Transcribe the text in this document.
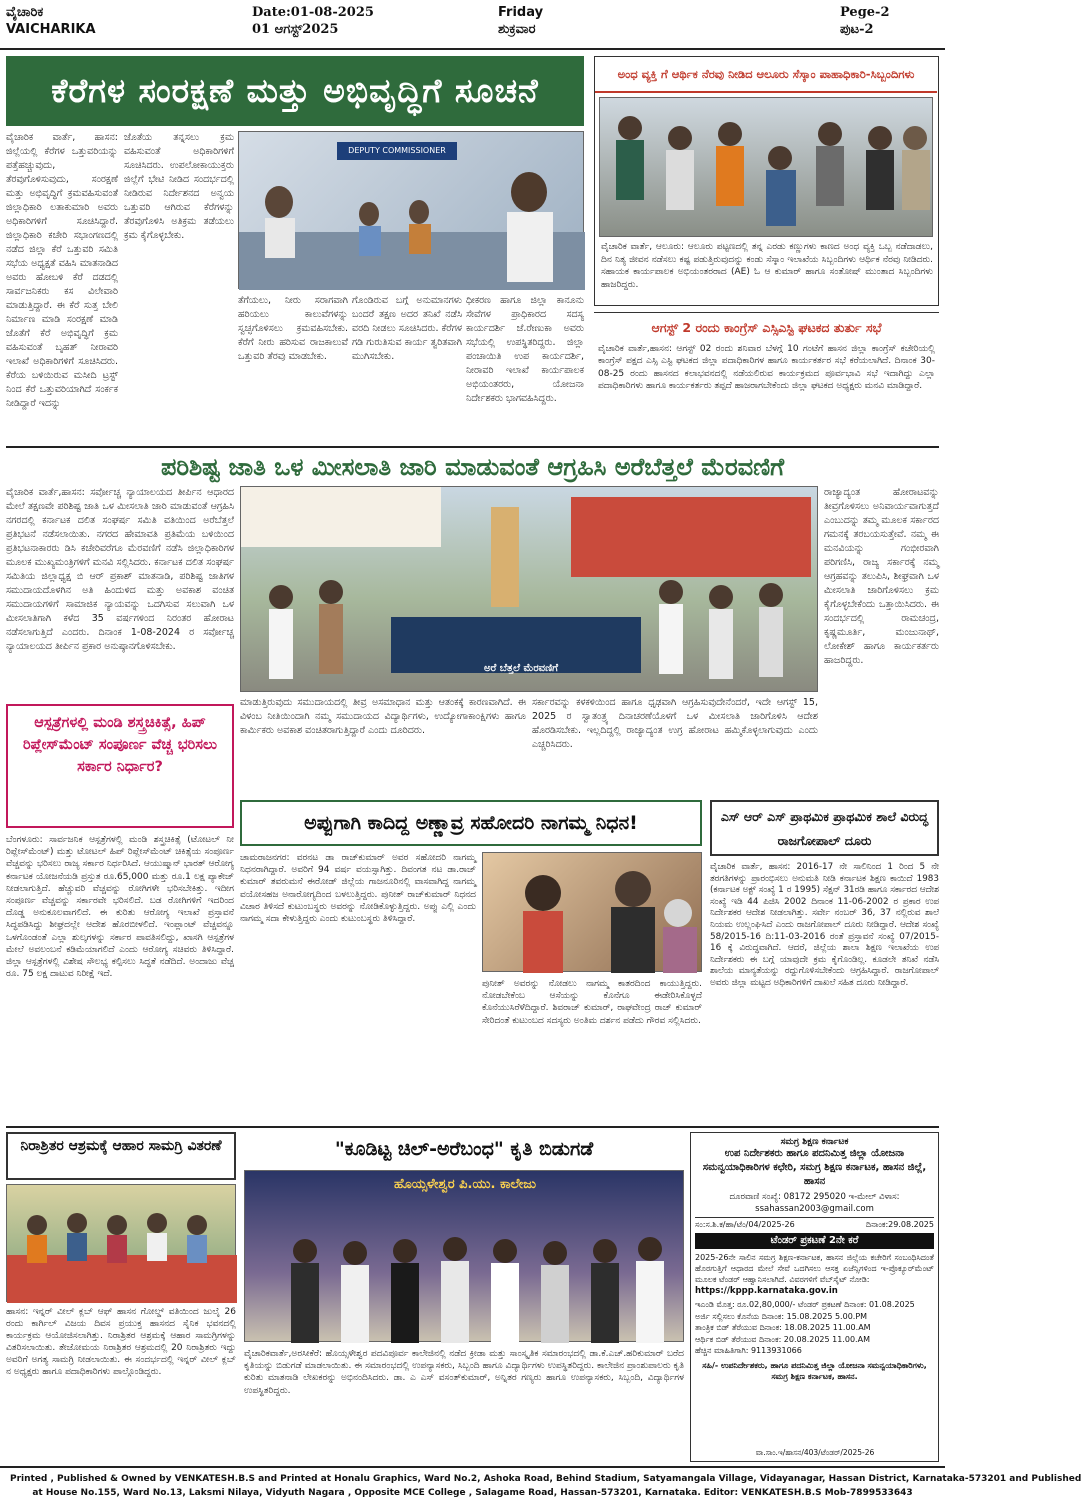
ವೈಚಾರಿಕ
VAICHARIKA
Date:01-08-2025
01 ಆಗಸ್ಟ್2025
Friday
ಶುಕ್ರವಾರ
Pege-2
ಪುಟ-2
ಕೆರೆಗಳ ಸಂರಕ್ಷಣೆ ಮತ್ತು ಅಭಿವೃದ್ಧಿಗೆ ಸೂಚನೆ
ವೈಚಾರಿಕ ವಾರ್ತೆ, ಹಾಸನ: ಜಿಲ್ಲೆಯಲ್ಲಿ ಕೆರೆಗಳ ಒತ್ತುವರಿಯನ್ನು ಪತ್ತೆಹಚ್ಚುವುದು, ತೆರವುಗೊಳಿಸುವುದು, ಸಂರಕ್ಷಣೆ ಮತ್ತು ಅಭಿವೃದ್ಧಿಗೆ ಕ್ರಮವಹಿಸುವಂತೆ ಜಿಲ್ಲಾಧಿಕಾರಿ ಲತಾಕುಮಾರಿ ಅವರು ಅಧಿಕಾರಿಗಳಿಗೆ ಸೂಚಿಸಿದ್ದಾರೆ. ಜಿಲ್ಲಾಧಿಕಾರಿ ಕಚೇರಿ ಸಭಾಂಗಣದಲ್ಲಿ ನಡೆದ ಜಿಲ್ಲಾ ಕೆರೆ ಒತ್ತುವರಿ ಸಮಿತಿ ಸಭೆಯ ಅಧ್ಯಕ್ಷತೆ ವಹಿಸಿ ಮಾತನಾಡಿದ ಅವರು ಹೋಬಳಿ ಕೆರೆ ದಡದಲ್ಲಿ ಸಾರ್ವಜನಿಕರು ಕಸ ವಿಲೇವಾರಿ ಮಾಡುತ್ತಿದ್ದಾರೆ. ಈ ಕೆರೆ ಸುತ್ತ ಬೇಲಿ ನಿರ್ಮಾಣ ಮಾಡಿ ಸಂರಕ್ಷಣೆ ಮಾಡಿ ಜೊತೆಗೆ ಕೆರೆ ಅಭಿವೃದ್ಧಿಗೆ ಕ್ರಮ ವಹಿಸುವಂತೆ ಬೃಹತ್ ನೀರಾವರಿ ಇಲಾಖೆ ಅಧಿಕಾರಿಗಳಿಗೆ ಸೂಚಿಸಿದರು. ಕೆರೆಯ ಬಳಿಯಿರುವ ಮಸೀದಿ ಟ್ರಸ್ಟ್ ನಿಂದ ಕೆರೆ ಒತ್ತುವರಿಯಾಗಿದೆ ಸಂರ್ಕಕ ನೀಡಿದ್ದಾರೆ ಇದನ್ನು
ಜೊತೆಯ ತನ್ನಸಲು ಕ್ರಮ ವಹಿಸುವಂತೆ ಅಧಿಕಾರಿಗಳಿಗೆ ಸೂಚಿಸಿದರು. ಉಪಲೋಕಾಯುಕ್ತರು ಜಿಲ್ಲೆಗೆ ಭೇಟಿ ನೀಡಿದ ಸಂದರ್ಭದಲ್ಲಿ ನೀಡಿರುವ ನಿರ್ದೇಶನದ ಅನ್ವಯ ಒತ್ತುವರಿ ಆಗಿರುವ ಕೆರೆಗಳನ್ನು ತೆರವುಗೊಳಿಸಿ ಅತಿಕ್ರಮ ತಡೆಯಲು ಕ್ರಮ ಕೈಗೊಳ್ಳಬೇಕು.
DEPUTY COMMISSIONER
ತೆಗೆಯಲು, ನೀರು ಸರಾಗವಾಗಿ ಹರಿಯಲು ಕಾಲುವೆಗಳನ್ನು ಸ್ವಚ್ಛಗೊಳಿಸಲು ಕ್ರಮವಹಿಸಬೇಕು. ಕೆರೆಗೆ ನೀರು ಹರಿಸುವ ರಾಜಕಾಲುವೆ ಒತ್ತುವರಿ ತೆರವು ಮಾಡಬೇಕು.
ಗೊಂಡಿರುವ ಬಗ್ಗೆ ಅನುಮಾನಗಳು ಬಂದರೆ ತಕ್ಷಣ ಅದರ ತನಿಖೆ ನಡೆಸಿ ವರದಿ ನೀಡಲು ಸೂಚಿಸಿದರು. ಕೆರೆಗಳ ಗಡಿ ಗುರುತಿಸುವ ಕಾರ್ಯ ತ್ವರಿತವಾಗಿ ಮುಗಿಸಬೇಕು.
ಧೀಕರಣ ಹಾಗೂ ಜಿಲ್ಲಾ ಕಾನೂನು ಸೇವೆಗಳ ಪ್ರಾಧಿಕಾರದ ಸದಸ್ಯ ಕಾರ್ಯದರ್ಶಿ ಜೆ.ರೇಣುಕಾ ಅವರು ಸಭೆಯಲ್ಲಿ ಉಪಸ್ಥಿತರಿದ್ದರು. ಜಿಲ್ಲಾ ಪಂಚಾಯಿತಿ ಉಪ ಕಾರ್ಯದರ್ಶಿ, ನೀರಾವರಿ ಇಲಾಖೆ ಕಾರ್ಯಪಾಲಕ ಅಭಿಯಂತರರು, ಯೋಜನಾ ನಿರ್ದೇಶಕರು ಭಾಗವಹಿಸಿದ್ದರು.
ಅಂಧ ವ್ಯಕ್ತಿ ಗೆ ಆರ್ಥಿಕ ನೆರವು ನೀಡಿದ ಆಲೂರು ಸೆಸ್ಕಾಂ ಪಾಹಾಧಿಕಾರಿ-ಸಿಬ್ಬಂದಿಗಳು
ವೈಚಾರಿಕ ವಾರ್ತೆ, ಆಲೂರು: ಆಲೂರು ಪಟ್ಟಣದಲ್ಲಿ ತನ್ನ ಎರಡು ಕಣ್ಣುಗಳು ಕಾಣದ ಅಂಧ ವ್ಯಕ್ತಿ ಒಬ್ಬ ನಡೆದಾಡಲು, ದಿನ ನಿತ್ಯ ಜೀವನ ನಡೆಸಲು ಕಷ್ಟ ಪಡುತ್ತಿರುವುದನ್ನು ಕಂಡು ಸೆಸ್ಕಾಂ ಇಲಾಖೆಯ ಸಿಬ್ಬಂದಿಗಳು ಆರ್ಥಿಕ ನೆರವು ನೀಡಿದರು. ಸಹಾಯಕ ಕಾರ್ಯಪಾಲಕ ಅಭಿಯಂತರರಾದ (AE) ಓ ಆ ಕುಮಾರ್ ಹಾಗೂ ಸಂತೋಷ್ ಮುಂತಾದ ಸಿಬ್ಬಂದಿಗಳು ಹಾಜರಿದ್ದರು.
ಆಗಸ್ಟ್ 2 ರಂದು ಕಾಂಗ್ರೆಸ್ ಎಸ್ಸಿಎಸ್ಟಿ ಘಟಕದ ತುರ್ತು ಸಭೆ
ವೈಚಾರಿಕ ವಾರ್ತೆ,ಹಾಸನ: ಆಗಸ್ಟ್ 02 ರಂದು ಶನಿವಾರ ಬೆಳಗ್ಗೆ 10 ಗಂಟೆಗೆ ಹಾಸನ ಜಿಲ್ಲಾ ಕಾಂಗ್ರೆಸ್ ಕಚೇರಿಯಲ್ಲಿ ಕಾಂಗ್ರೆಸ್ ಪಕ್ಷದ ಎಸ್ಸಿ ಎಸ್ಟಿ ಘಟಕದ ಜಿಲ್ಲಾ ಪದಾಧಿಕಾರಿಗಳ ಹಾಗೂ ಕಾರ್ಯಕರ್ತರ ಸಭೆ ಕರೆಯಲಾಗಿದೆ. ದಿನಾಂಕ 30-08-25 ರಂದು ಹಾಸನದ ಕಲಾಭವನದಲ್ಲಿ ನಡೆಯಲಿರುವ ಕಾರ್ಯಕ್ರಮದ ಪೂರ್ವಭಾವಿ ಸಭೆ ಇದಾಗಿದ್ದು ಎಲ್ಲಾ ಪದಾಧಿಕಾರಿಗಳು ಹಾಗೂ ಕಾರ್ಯಕರ್ತರು ತಪ್ಪದೆ ಹಾಜರಾಗಬೇಕೆಂದು ಜಿಲ್ಲಾ ಘಟಕದ ಅಧ್ಯಕ್ಷರು ಮನವಿ ಮಾಡಿದ್ದಾರೆ.
ಪರಿಶಿಷ್ಟ ಜಾತಿ ಒಳ ಮೀಸಲಾತಿ ಜಾರಿ ಮಾಡುವಂತೆ ಆಗ್ರಹಿಸಿ ಅರೆಬೆತ್ತಲೆ ಮೆರವಣಿಗೆ
ವೈಚಾರಿಕ ವಾರ್ತೆ,ಹಾಸನ: ಸರ್ವೋಚ್ಚ ನ್ಯಾಯಾಲಯದ ತೀರ್ಪಿನ ಆಧಾರದ ಮೇಲೆ ತಕ್ಷಣವೇ ಪರಿಶಿಷ್ಟ ಜಾತಿ ಒಳ ಮೀಸಲಾತಿ ಜಾರಿ ಮಾಡುವಂತೆ ಆಗ್ರಹಿಸಿ ನಗರದಲ್ಲಿ ಕರ್ನಾಟಕ ದಲಿತ ಸಂಘರ್ಷ ಸಮಿತಿ ವತಿಯಿಂದ ಅರೆಬೆತ್ತಲೆ ಪ್ರತಿಭಟನೆ ನಡೆಸಲಾಯಿತು. ನಗರದ ಹೇಮಾವತಿ ಪ್ರತಿಮೆಯ ಬಳಿಯಿಂದ ಪ್ರತಿಭಟನಾಕಾರರು ಡಿಸಿ ಕಚೇರಿವರೆಗೂ ಮೆರವಣಿಗೆ ನಡೆಸಿ ಜಿಲ್ಲಾಧಿಕಾರಿಗಳ ಮೂಲಕ ಮುಖ್ಯಮಂತ್ರಿಗಳಿಗೆ ಮನವಿ ಸಲ್ಲಿಸಿದರು. ಕರ್ನಾಟಕ ದಲಿತ ಸಂಘರ್ಷ ಸಮಿತಿಯ ಜಿಲ್ಲಾಧ್ಯಕ್ಷ ಬಿ ಆರ್ ಪ್ರಕಾಶ್ ಮಾತನಾಡಿ, ಪರಿಶಿಷ್ಟ ಜಾತಿಗಳ ಸಮುದಾಯದೊಳಗಿನ ಅತಿ ಹಿಂದುಳಿದ ಮತ್ತು ಅವಕಾಶ ವಂಚಿತ ಸಮುದಾಯಗಳಿಗೆ ಸಾಮಾಜಿಕ ನ್ಯಾಯವನ್ನು ಒದಗಿಸುವ ಸಲುವಾಗಿ ಒಳ ಮೀಸಲಾತಿಗಾಗಿ ಕಳೆದ 35 ವರ್ಷಗಳಿಂದ ನಿರಂತರ ಹೋರಾಟ ನಡೆಸಲಾಗುತ್ತಿದೆ ಎಂದರು. ದಿನಾಂಕ 1-08-2024 ರ ಸರ್ವೋಚ್ಚ ನ್ಯಾಯಾಲಯದ ತೀರ್ಪಿನ ಪ್ರಕಾರ ಅನುಷ್ಠಾನಗೊಳಿಸಬೇಕು.
ಅರೆ ಬೆತ್ತಲೆ ಮೆರವಣಿಗೆ
ರಾಜ್ಯಾದ್ಯಂತ ಹೋರಾಟವನ್ನು ತೀವ್ರಗೊಳಿಸಲು ಅನಿವಾರ್ಯವಾಗುತ್ತದೆ ಎಂಬುದನ್ನು ತಮ್ಮ ಮೂಲಕ ಸರ್ಕಾರದ ಗಮನಕ್ಕೆ ತರಬಯಸುತ್ತೇವೆ. ನಮ್ಮ ಈ ಮನವಿಯನ್ನು ಗಂಭೀರವಾಗಿ ಪರಿಗಣಿಸಿ, ರಾಜ್ಯ ಸರ್ಕಾರಕ್ಕೆ ನಮ್ಮ ಆಗ್ರಹವನ್ನು ತಲುಪಿಸಿ, ಶೀಘ್ರವಾಗಿ ಒಳ ಮೀಸಲಾತಿ ಜಾರಿಗೊಳಿಸಲು ಕ್ರಮ ಕೈಗೊಳ್ಳಬೇಕೆಂದು ಒತ್ತಾಯಿಸಿದರು. ಈ ಸಂದರ್ಭದಲ್ಲಿ ರಾಮಚಂದ್ರ, ಕೃಷ್ಣಮೂರ್ತಿ, ಮಂಜುನಾಥ್, ಲೋಕೇಶ್ ಹಾಗೂ ಕಾರ್ಯಕರ್ತರು ಹಾಜರಿದ್ದರು.
ಮಾಡುತ್ತಿರುವುದು ಸಮುದಾಯದಲ್ಲಿ ತೀವ್ರ ಅಸಮಾಧಾನ ಮತ್ತು ಆತಂಕಕ್ಕೆ ಕಾರಣವಾಗಿದೆ. ಈ ವಿಳಂಬ ನೀತಿಯಿಂದಾಗಿ ನಮ್ಮ ಸಮುದಾಯದ ವಿದ್ಯಾರ್ಥಿಗಳು, ಉದ್ಯೋಗಾಕಾಂಕ್ಷಿಗಳು ಹಾಗೂ ಕಾರ್ಮಿಕರು ಅವಕಾಶ ವಂಚಿತರಾಗುತ್ತಿದ್ದಾರೆ ಎಂದು ದೂರಿದರು.
ಸರ್ಕಾರವನ್ನು ಕಳಕಳಿಯಿಂದ ಹಾಗೂ ಧೃಢವಾಗಿ ಆಗ್ರಹಿಸುವುದೇನೆಂದರೆ, ಇದೇ ಆಗಸ್ಟ್ 15, 2025 ರ ಸ್ವಾತಂತ್ರ್ಯ ದಿನಾಚರಣೆಯೊಳಗೆ ಒಳ ಮೀಸಲಾತಿ ಜಾರಿಗೊಳಿಸಿ ಆದೇಶ ಹೊರಡಿಸಬೇಕು. ಇಲ್ಲದಿದ್ದಲ್ಲಿ ರಾಜ್ಯಾದ್ಯಂತ ಉಗ್ರ ಹೋರಾಟ ಹಮ್ಮಿಕೊಳ್ಳಲಾಗುವುದು ಎಂದು ಎಚ್ಚರಿಸಿದರು.
ಆಸ್ಪತ್ರೆಗಳಲ್ಲಿ ಮಂಡಿ ಶಸ್ತ್ರಚಿಕಿತ್ಸೆ, ಹಿಪ್ ರಿಪ್ಲೇಸ್‌ಮೆಂಟ್ ಸಂಪೂರ್ಣ ವೆಚ್ಚ ಭರಿಸಲು ಸರ್ಕಾರ ನಿರ್ಧಾರ?
ಬೆಂಗಳೂರು: ಸಾರ್ವಜನಿಕ ಆಸ್ಪತ್ರೆಗಳಲ್ಲಿ ಮಂಡಿ ಶಸ್ತ್ರಚಿಕಿತ್ಸೆ (ಟೋಟಲ್ ನೀ ರಿಪ್ಲೇಸ್‌ಮೆಂಟ್) ಮತ್ತು ಟೋಟಲ್ ಹಿಪ್ ರಿಪ್ಲೇಸ್‌ಮೆಂಟ್ ಚಿಕಿತ್ಸೆಯ ಸಂಪೂರ್ಣ ವೆಚ್ಚವನ್ನು ಭರಿಸಲು ರಾಜ್ಯ ಸರ್ಕಾರ ನಿರ್ಧರಿಸಿದೆ. ಆಯುಷ್ಮಾನ್ ಭಾರತ್ ಆರೋಗ್ಯ ಕರ್ನಾಟಕ ಯೋಜನೆಯಡಿ ಪ್ರಸ್ತುತ ರೂ.65,000 ಮತ್ತು ರೂ.1 ಲಕ್ಷ ಪ್ಯಾಕೇಜ್ ನೀಡಲಾಗುತ್ತಿದೆ. ಹೆಚ್ಚುವರಿ ವೆಚ್ಚವನ್ನು ರೋಗಿಗಳೇ ಭರಿಸಬೇಕಿತ್ತು. ಇದೀಗ ಸಂಪೂರ್ಣ ವೆಚ್ಚವನ್ನು ಸರ್ಕಾರವೇ ಭರಿಸಲಿದೆ. ಬಡ ರೋಗಿಗಳಿಗೆ ಇದರಿಂದ ದೊಡ್ಡ ಅನುಕೂಲವಾಗಲಿದೆ. ಈ ಕುರಿತು ಆರೋಗ್ಯ ಇಲಾಖೆ ಪ್ರಸ್ತಾವನೆ ಸಿದ್ಧಪಡಿಸಿದ್ದು ಶೀಘ್ರದಲ್ಲೇ ಆದೇಶ ಹೊರಬೀಳಲಿದೆ. ಇಂಪ್ಲಾಂಟ್ ವೆಚ್ಚವನ್ನೂ ಒಳಗೊಂಡಂತೆ ಎಲ್ಲಾ ಶುಲ್ಕಗಳನ್ನು ಸರ್ಕಾರ ಪಾವತಿಸಲಿದ್ದು, ಖಾಸಗಿ ಆಸ್ಪತ್ರೆಗಳ ಮೇಲೆ ಅವಲಂಬನೆ ಕಡಿಮೆಯಾಗಲಿದೆ ಎಂದು ಆರೋಗ್ಯ ಸಚಿವರು ತಿಳಿಸಿದ್ದಾರೆ. ಜಿಲ್ಲಾ ಆಸ್ಪತ್ರೆಗಳಲ್ಲಿ ವಿಶೇಷ ಸೌಲಭ್ಯ ಕಲ್ಪಿಸಲು ಸಿದ್ಧತೆ ನಡೆದಿದೆ. ಅಂದಾಜು ವೆಚ್ಚ ರೂ. 75 ಲಕ್ಷ ದಾಟುವ ನಿರೀಕ್ಷೆ ಇದೆ.
ಅಪ್ಪುಗಾಗಿ ಕಾದಿದ್ದ ಅಣ್ಣಾವ್ರ ಸಹೋದರಿ ನಾಗಮ್ಮ ನಿಧನ!
ಚಾಮರಾಜನಗರ: ವರನಟ ಡಾ ರಾಜ್‌ಕುಮಾರ್ ಅವರ ಸಹೋದರಿ ನಾಗಮ್ಮ ನಿಧನರಾಗಿದ್ದಾರೆ. ಅವರಿಗೆ 94 ವರ್ಷ ವಯಸ್ಸಾಗಿತ್ತು. ದಿವಂಗತ ನಟ ಡಾ.ರಾಜ್ ಕುಮಾರ್ ತವರುಮನೆ ಈರೋಡ್ ಜಿಲ್ಲೆಯ ಗಾಜನೂರಿನಲ್ಲಿ ವಾಸವಾಗಿದ್ದ ನಾಗಮ್ಮ ವಯೋಸಹಜ ಅನಾರೋಗ್ಯದಿಂದ ಬಳಲುತ್ತಿದ್ದರು. ಪುನೀತ್ ರಾಜ್‌ಕುಮಾರ್ ನಿಧನದ ವಿಚಾರ ತಿಳಿಸದೆ ಕುಟುಂಬಸ್ಥರು ಅವರನ್ನು ನೋಡಿಕೊಳ್ಳುತ್ತಿದ್ದರು. ಅಪ್ಪು ಎಲ್ಲಿ ಎಂದು ನಾಗಮ್ಮ ಸದಾ ಕೇಳುತ್ತಿದ್ದರು ಎಂದು ಕುಟುಂಬಸ್ಥರು ತಿಳಿಸಿದ್ದಾರೆ.
ಪುನೀತ್ ಅವರನ್ನು ನೋಡಲು ನಾಗಮ್ಮ ಕಾತರದಿಂದ ಕಾಯುತ್ತಿದ್ದರು. ನೋಡಬೇಕೆಂಬ ಆಸೆಯನ್ನು ಕೊನೆಗೂ ಈಡೇರಿಸಿಕೊಳ್ಳದೆ ಕೊನೆಯುಸಿರೆಳೆದಿದ್ದಾರೆ. ಶಿವರಾಜ್ ಕುಮಾರ್, ರಾಘವೇಂದ್ರ ರಾಜ್ ಕುಮಾರ್ ಸೇರಿದಂತೆ ಕುಟುಂಬದ ಸದಸ್ಯರು ಅಂತಿಮ ದರ್ಶನ ಪಡೆದು ಗೌರವ ಸಲ್ಲಿಸಿದರು.
ಎಸ್ ಆರ್ ಎಸ್ ಪ್ರಾಥಮಿಕ ಪ್ರಾಥಮಿಕ ಶಾಲೆ ವಿರುದ್ಧ ರಾಜಗೋಪಾಲ್ ದೂರು
ವೈಚಾರಿಕ ವಾರ್ತೆ, ಹಾಸನ: 2016-17 ನೇ ಸಾಲಿನಿಂದ 1 ರಿಂದ 5 ನೇ ತರಗತಿಗಳನ್ನು ಪ್ರಾರಂಭಿಸಲು ಅನುಮತಿ ನೀಡಿ ಕರ್ನಾಟಕ ಶಿಕ್ಷಣ ಕಾಯಿದೆ 1983 (ಕರ್ನಾಟಕ ಅಕ್ಟ್ ಸಂಖ್ಯೆ 1 ರ 1995) ಸೆಕ್ಷನ್ 31ರಡಿ ಹಾಗೂ ಸರ್ಕಾರದ ಆದೇಶ ಸಂಖ್ಯೆ ಇಡಿ 44 ಪಿಜಿಸಿ 2002 ದಿನಾಂಕ 11-06-2002 ರ ಪ್ರಕಾರ ಉಪ ನಿರ್ದೇಶಕರ ಆದೇಶ ನೀಡಲಾಗಿತ್ತು. ಸರ್ವೇ ನಂಬರ್ 36, 37 ನಲ್ಲಿರುವ ಶಾಲೆ ನಿಯಮ ಉಲ್ಲಂಘಿಸಿದೆ ಎಂದು ರಾಜಗೋಪಾಲ್ ದೂರು ನೀಡಿದ್ದಾರೆ. ಆದೇಶ ಸಂಖ್ಯೆ 58/2015-16 ದಿ:11-03-2016 ರಂತೆ ಪ್ರಸ್ತಾವನೆ ಸಂಖ್ಯೆ 07/2015-16 ಕ್ಕೆ ವಿರುದ್ಧವಾಗಿದೆ. ಆದರೆ, ಜಿಲ್ಲೆಯ ಶಾಲಾ ಶಿಕ್ಷಣ ಇಲಾಖೆಯ ಉಪ ನಿರ್ದೇಶಕರು ಈ ಬಗ್ಗೆ ಯಾವುದೇ ಕ್ರಮ ಕೈಗೊಂಡಿಲ್ಲ. ಕೂಡಲೇ ತನಿಖೆ ನಡೆಸಿ ಶಾಲೆಯ ಮಾನ್ಯತೆಯನ್ನು ರದ್ದುಗೊಳಿಸಬೇಕೆಂದು ಆಗ್ರಹಿಸಿದ್ದಾರೆ. ರಾಜಗೋಪಾಲ್ ಅವರು ಜಿಲ್ಲಾ ಮಟ್ಟದ ಅಧಿಕಾರಿಗಳಿಗೆ ದಾಖಲೆ ಸಹಿತ ದೂರು ನೀಡಿದ್ದಾರೆ.
ನಿರಾಶ್ರಿತರ ಆಶ್ರಮಕ್ಕೆ ಆಹಾರ ಸಾಮಗ್ರಿ ವಿತರಣೆ
ಹಾಸನ: ಇನ್ನರ್ ವೀಲ್ ಕ್ಲಬ್ ಆಫ್ ಹಾಸನ ಗೋಲ್ಡ್ ವತಿಯಿಂದ ಜುಲೈ 26 ರಂದು ಕಾರ್ಗಿಲ್ ವಿಜಯ ದಿವಸ ಪ್ರಯುಕ್ತ ಹಾಸನದ ಸೈನಿಕ ಭವನದಲ್ಲಿ ಕಾರ್ಯಕ್ರಮ ಆಯೋಜಿಸಲಾಗಿತ್ತು. ನಿರಾಶ್ರಿತರ ಆಶ್ರಮಕ್ಕೆ ಆಹಾರ ಸಾಮಗ್ರಿಗಳನ್ನು ವಿತರಿಸಲಾಯಿತು. ತೇಜೋಮಯ ನಿರಾಶ್ರಿತರ ಆಶ್ರಮದಲ್ಲಿ 20 ನಿರಾಶ್ರಿತರು ಇದ್ದು ಅವರಿಗೆ ಅಗತ್ಯ ಸಾಮಗ್ರಿ ನೀಡಲಾಯಿತು. ಈ ಸಂದರ್ಭದಲ್ಲಿ ಇನ್ನರ್ ವೀಲ್ ಕ್ಲಬ್ ನ ಅಧ್ಯಕ್ಷರು ಹಾಗೂ ಪದಾಧಿಕಾರಿಗಳು ಪಾಲ್ಗೊಂಡಿದ್ದರು.
"ಕೂಡಿಟ್ಟ ಚಿಲ್-ಅರೆಬಂಧ" ಕೃತಿ ಬಿಡುಗಡೆ
ಹೊಯ್ಸಳೇಶ್ವರ ಪಿ.ಯು. ಕಾಲೇಜು
ವೈಚಾರಿಕವಾರ್ತೆ,ಅರಸೀಕೆರೆ: ಹೊಯ್ಸಳೇಶ್ವರ ಪದವಿಪೂರ್ವ ಕಾಲೇಜಿನಲ್ಲಿ ನಡೆದ ಕ್ರೀಡಾ ಮತ್ತು ಸಾಂಸ್ಕೃತಿಕ ಸಮಾರಂಭದಲ್ಲಿ ಡಾ.ಕೆ.ಎಚ್.ಹರಿಕುಮಾರ್ ಬರೆದ ಕೃತಿಯನ್ನು ಬಿಡುಗಡೆ ಮಾಡಲಾಯಿತು. ಈ ಸಮಾರಂಭದಲ್ಲಿ ಉಪನ್ಯಾಸಕರು, ಸಿಬ್ಬಂದಿ ಹಾಗೂ ವಿದ್ಯಾರ್ಥಿಗಳು ಉಪಸ್ಥಿತರಿದ್ದರು. ಕಾಲೇಜಿನ ಪ್ರಾಂಶುಪಾಲರು ಕೃತಿ ಕುರಿತು ಮಾತನಾಡಿ ಲೇಖಕರನ್ನು ಅಭಿನಂದಿಸಿದರು. ಡಾ. ಎ ಎಸ್ ವಸಂತ್‌ಕುಮಾರ್, ಅನ್ನಿತರ ಗಣ್ಯರು ಹಾಗೂ ಉಪನ್ಯಾಸಕರು, ಸಿಬ್ಬಂದಿ, ವಿದ್ಯಾರ್ಥಿಗಳ ಉಪಸ್ಥಿತರಿದ್ದರು.
ಸಮಗ್ರ ಶಿಕ್ಷಣ ಕರ್ನಾಟಕ
ಉಪ ನಿರ್ದೇಶಕರು ಹಾಗೂ ಪದನಿಮಿತ್ತ ಜಿಲ್ಲಾ ಯೋಜನಾ ಸಮನ್ವಯಾಧಿಕಾರಿಗಳ ಕಛೇರಿ, ಸಮಗ್ರ ಶಿಕ್ಷಣ ಕರ್ನಾಟಕ, ಹಾಸನ ಜಿಲ್ಲೆ, ಹಾಸನ
ದೂರವಾಣಿ ಸಂಖ್ಯೆ: 08172 295020 ಇ-ಮೇಲ್ ವಿಳಾಸ:
ssahassan2003@gmail.com
ಸಂ:ಸ.ಶಿ.ಕ/ಹಾ/ಟೆಂ/04/2025-26	ದಿನಾಂಕ:29.08.2025
ಟೆಂಡರ್ ಪ್ರಕಟಣೆ 2ನೇ ಕರೆ
2025-26ನೇ ಸಾಲಿನ ಸಮಗ್ರ ಶಿಕ್ಷಣ-ಕರ್ನಾಟಕ, ಹಾಸನ ಜಿಲ್ಲೆಯ ಕಚೇರಿಗೆ ಸಂಬಂಧಿಸಿದಂತೆ ಹೊರಗುತ್ತಿಗೆ ಆಧಾರದ ಮೇಲೆ ಸೇವೆ ಒದಗಿಸಲು ಆಸಕ್ತ ಏಜೆನ್ಸಿಗಳಿಂದ ಇ-ಪ್ರೊಕ್ಯೂರ್‌ಮೆಂಟ್ ಮೂಲಕ ಟೆಂಡರ್ ಆಹ್ವಾನಿಸಲಾಗಿದೆ. ವಿವರಗಳಿಗೆ ವೆಬ್‌ಸೈಟ್ ನೋಡಿ:
https://kppp.karnataka.gov.in
ಇಎಂಡಿ ಮೊತ್ತ: ರೂ.02,80,000/- ಟೆಂಡರ್ ಪ್ರಕಟಣೆ ದಿನಾಂಕ: 01.08.2025
ಅರ್ಜಿ ಸಲ್ಲಿಸಲು ಕೊನೆಯ ದಿನಾಂಕ: 15.08.2025 5.00.PM
ತಾಂತ್ರಿಕ ಬಿಡ್ ತೆರೆಯುವ ದಿನಾಂಕ: 18.08.2025 11.00.AM
ಆರ್ಥಿಕ ಬಿಡ್ ತೆರೆಯುವ ದಿನಾಂಕ: 20.08.2025 11.00.AM
ಹೆಚ್ಚಿನ ಮಾಹಿತಿಗಾಗಿ: 9113931066
ಸಹಿ/- ಉಪನಿರ್ದೇಶಕರು, ಹಾಗೂ ಪದನಿಮಿತ್ತ ಜಿಲ್ಲಾ ಯೋಜನಾ ಸಮನ್ವಯಾಧಿಕಾರಿಗಳು, ಸಮಗ್ರ ಶಿಕ್ಷಣ ಕರ್ನಾಟಕ, ಹಾಸನ.
ವಾ.ಸಾಂ.ಇ/ಹಾಸನ/403/ಟೆಂಡರ್/2025-26
Printed , Published & Owned by VENKATESH.B.S and Printed at Honalu Graphics, Ward No.2, Ashoka Road, Behind Stadium, Satyamangala Village, Vidayanagar, Hassan District, Karnataka-573201 and Published
at House No.155, Ward No.13, Laksmi Nilaya, Vidyuth Nagara , Opposite MCE College , Salagame Road, Hassan-573201, Karnataka. Editor: VENKATESH.B.S Mob-7899533643
